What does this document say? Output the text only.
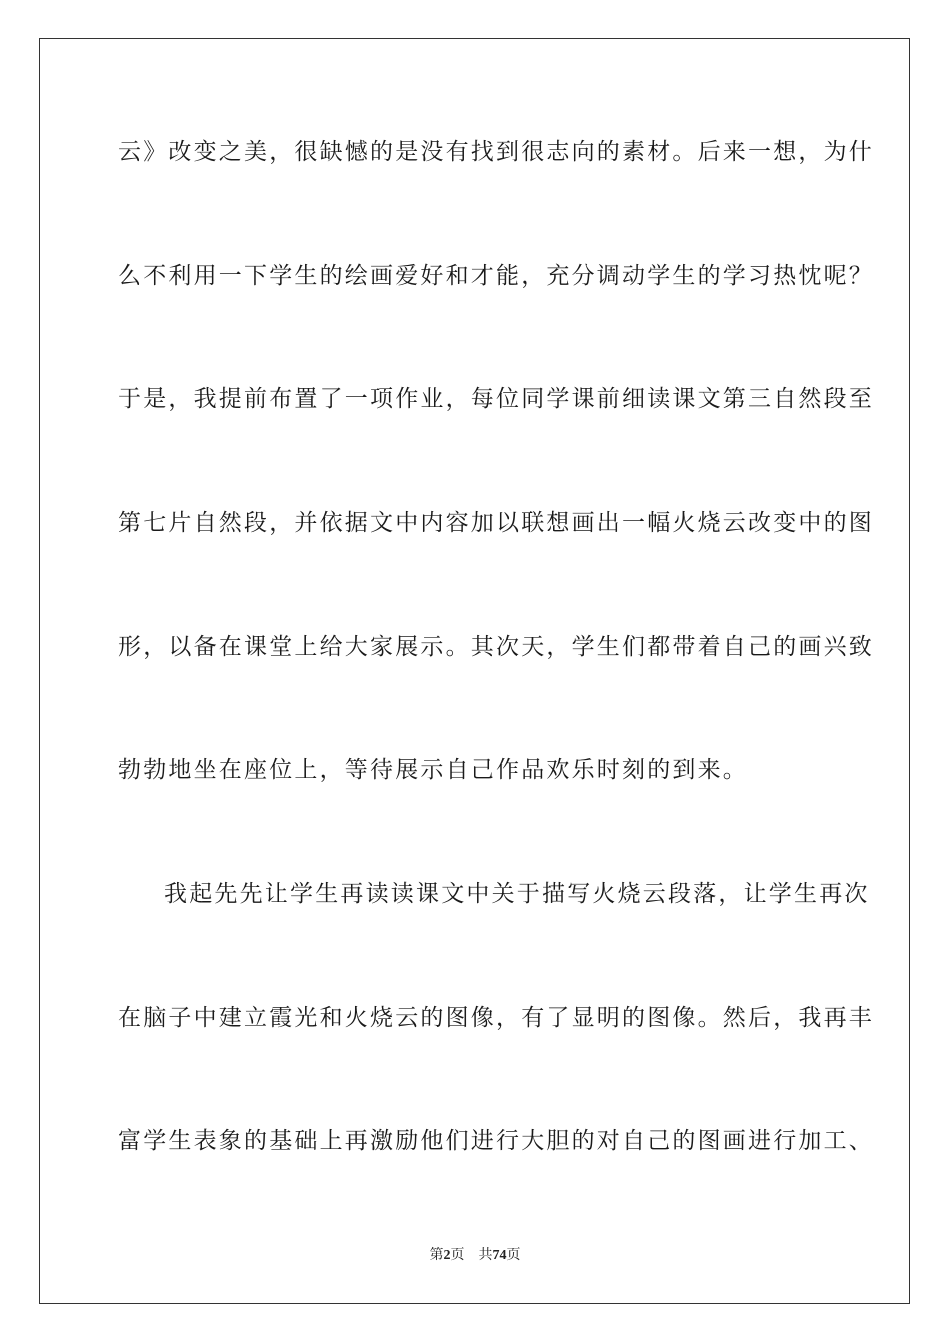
云》改变之美，很缺憾的是没有找到很志向的素材。后来一想，为什
么不利用一下学生的绘画爱好和才能，充分调动学生的学习热忱呢？
于是，我提前布置了一项作业，每位同学课前细读课文第三自然段至
第七片自然段，并依据文中内容加以联想画出一幅火烧云改变中的图
形，以备在课堂上给大家展示。其次天，学生们都带着自己的画兴致
勃勃地坐在座位上，等待展示自己作品欢乐时刻的到来。
我起先先让学生再读读课文中关于描写火烧云段落，让学生再次
在脑子中建立霞光和火烧云的图像，有了显明的图像。然后，我再丰
富学生表象的基础上再激励他们进行大胆的对自己的图画进行加工、
第2页 共74页
